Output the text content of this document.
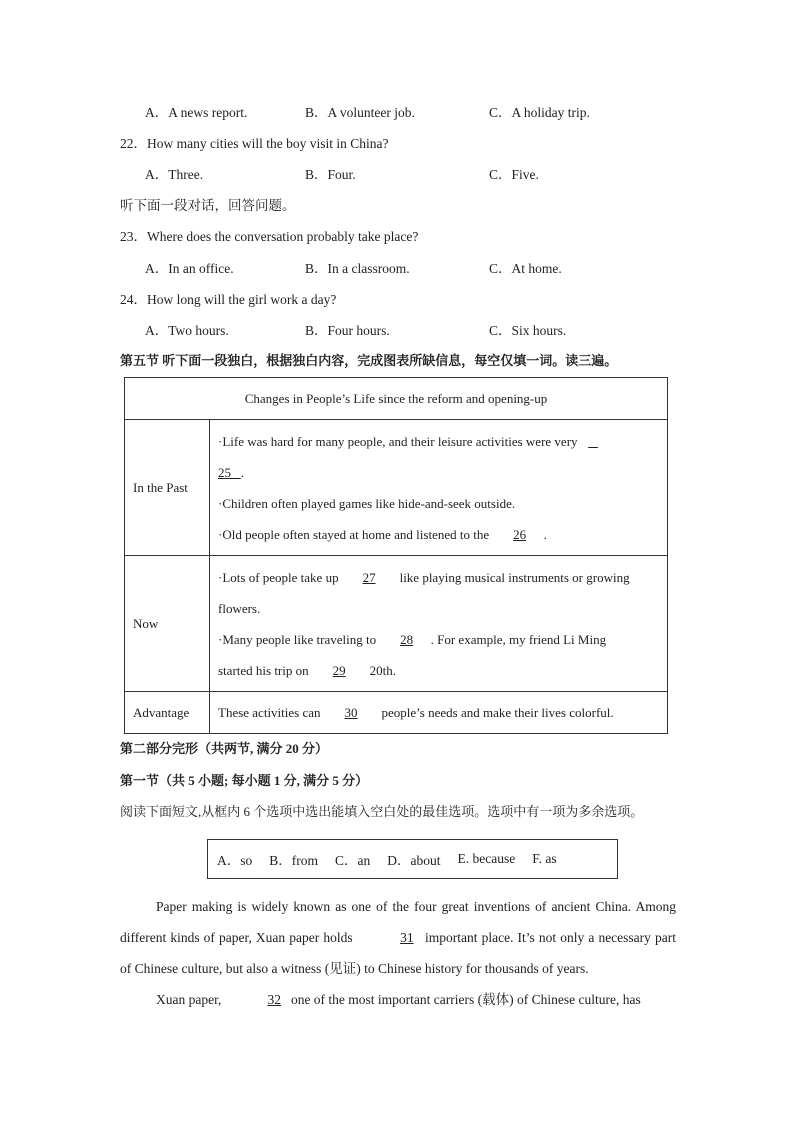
A．A news report.	B．A volunteer job.	C．A holiday trip.
22．How many cities will the boy visit in China?
A．Three.	B．Four.	C．Five.
听下面一段对话，回答问题。
23．Where does the conversation probably take place?
A．In an office.	B．In a classroom.	C．At home.
24．How long will the girl work a day?
A．Two hours.	B．Four hours.	C．Six hours.
第五节 听下面一段独白，根据独白内容，完成图表所缺信息，每空仅填一词。读三遍。
Changes in People’s Life since the reform and opening-up	
In the Past	·Life was hard for many people, and their leisure activities were very

25 .

·Children often played games like hide-and-seek outside.

·Old people often stayed at home and listened to the 26 .

Now	·Lots of people take up 27 like playing musical instruments or growing

flowers.

·Many people like traveling to 28 . For example, my friend Li Ming

started his trip on 29 20th.

Advantage	These activities can 30 people’s needs and make their lives colorful.
第二部分完形（共两节, 满分 20 分）
第一节（共 5 小题; 每小题 1 分, 满分 5 分）
阅读下面短文,从框内 6 个选项中选出能填入空白处的最佳选项。选项中有一项为多余选项。
A．so B．from C．an D．about E. because F. as
Paper making is widely known as one of the four great inventions of ancient China. Among different kinds of paper, Xuan paper holds	31 important place. It’s not only a necessary part of Chinese culture, but also a witness (见证) to Chinese history for thousands of years.
Xuan paper,	32 one of the most important carriers (载体) of Chinese culture, has
